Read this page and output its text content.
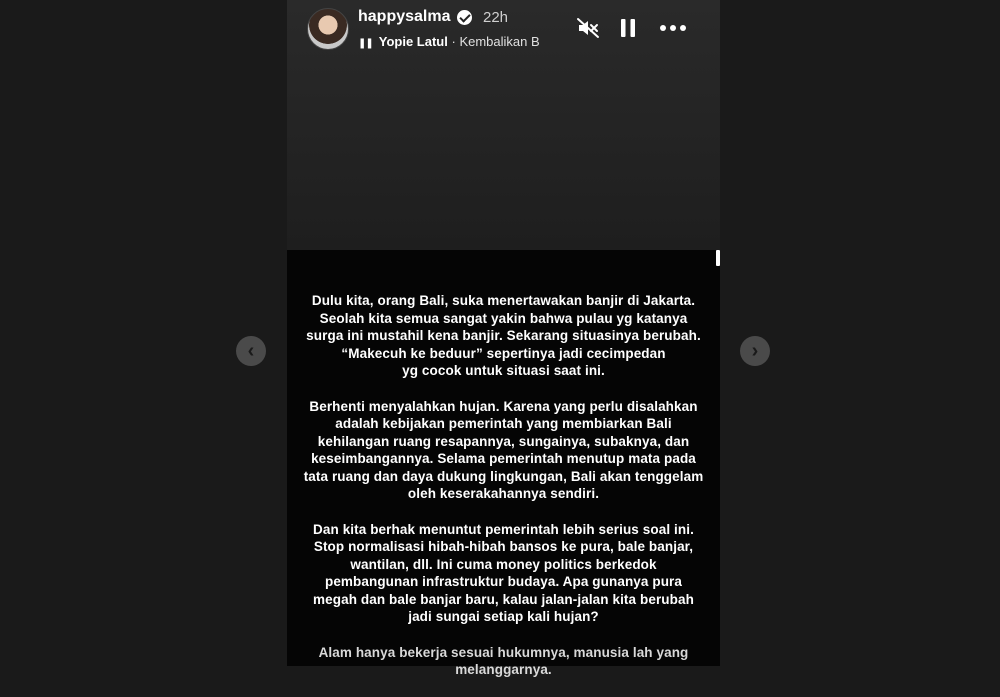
‹	›
happysalma 22h
❚❚ Yopie Latul · Kembalikan B

Dulu kita, orang Bali, suka menertawakan banjir di Jakarta.
Seolah kita semua sangat yakin bahwa pulau yg katanya
surga ini mustahil kena banjir. Sekarang situasinya berubah.
“Makecuh ke beduur” sepertinya jadi cecimpedan
yg cocok untuk situasi saat ini.

Berhenti menyalahkan hujan. Karena yang perlu disalahkan
adalah kebijakan pemerintah yang membiarkan Bali
kehilangan ruang resapannya, sungainya, subaknya, dan
keseimbangannya. Selama pemerintah menutup mata pada
tata ruang dan daya dukung lingkungan, Bali akan tenggelam
oleh keserakahannya sendiri.

Dan kita berhak menuntut pemerintah lebih serius soal ini.
Stop normalisasi hibah-hibah bansos ke pura, bale banjar,
wantilan, dll. Ini cuma money politics berkedok
pembangunan infrastruktur budaya. Apa gunanya pura
megah dan bale banjar baru, kalau jalan-jalan kita berubah
jadi sungai setiap kali hujan?

Alam hanya bekerja sesuai hukumnya, manusia lah yang
melanggarnya.
